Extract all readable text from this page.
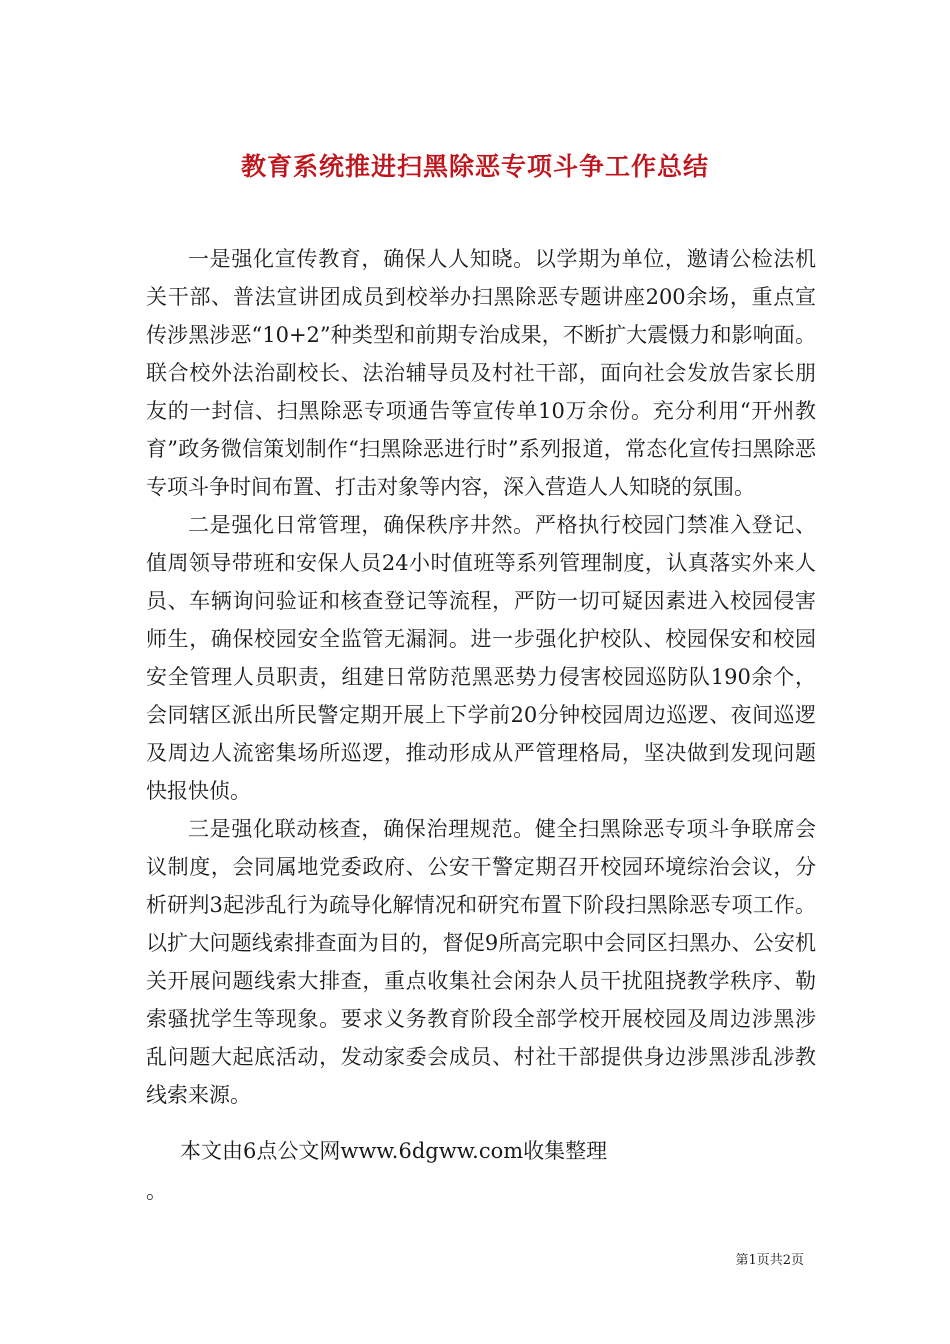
教育系统推进扫黑除恶专项斗争工作总结

一是强化宣传教育，确保人人知晓。以学期为单位，邀请公检法机关干部、普法宣讲团成员到校举办扫黑除恶专题讲座200余场，重点宣传涉黑涉恶“10+2”种类型和前期专治成果，不断扩大震慑力和影响面。联合校外法治副校长、法治辅导员及村社干部，面向社会发放告家长朋友的一封信、扫黑除恶专项通告等宣传单10万余份。充分利用“开州教育”政务微信策划制作“扫黑除恶进行时”系列报道，常态化宣传扫黑除恶专项斗争时间布置、打击对象等内容，深入营造人人知晓的氛围。

二是强化日常管理，确保秩序井然。严格执行校园门禁准入登记、值周领导带班和安保人员24小时值班等系列管理制度，认真落实外来人员、车辆询问验证和核查登记等流程，严防一切可疑因素进入校园侵害师生，确保校园安全监管无漏洞。进一步强化护校队、校园保安和校园安全管理人员职责，组建日常防范黑恶势力侵害校园巡防队190余个，会同辖区派出所民警定期开展上下学前20分钟校园周边巡逻、夜间巡逻及周边人流密集场所巡逻，推动形成从严管理格局，坚决做到发现问题快报快侦。

三是强化联动核查，确保治理规范。健全扫黑除恶专项斗争联席会议制度，会同属地党委政府、公安干警定期召开校园环境综治会议，分析研判3起涉乱行为疏导化解情况和研究布置下阶段扫黑除恶专项工作。以扩大问题线索排查面为目的，督促9所高完职中会同区扫黑办、公安机关开展问题线索大排查，重点收集社会闲杂人员干扰阻挠教学秩序、勒索骚扰学生等现象。要求义务教育阶段全部学校开展校园及周边涉黑涉乱问题大起底活动，发动家委会成员、村社干部提供身边涉黑涉乱涉教线索来源。

本文由6点公文网www.6dgww.com收集整理
。
第1页共2页
